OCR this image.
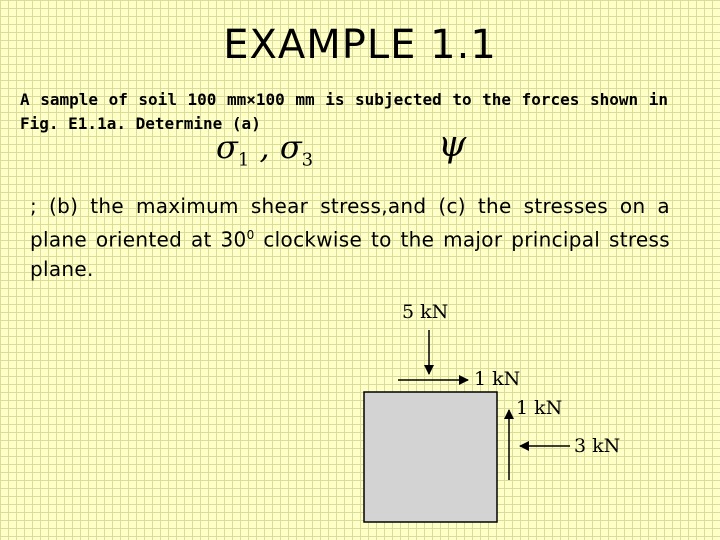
EXAMPLE 1.1
A sample of soil 100 mm×100 mm is subjected to the forces shown in Fig. E1.1a. Determine (a)
$\sigma_1$ , $\sigma_3$	ψ
; (b) the maximum shear stress,and (c) the stresses on a plane oriented at $30^0$ clockwise to the major principal stress plane.
5 kN
1 kN
1 kN
3 kN
